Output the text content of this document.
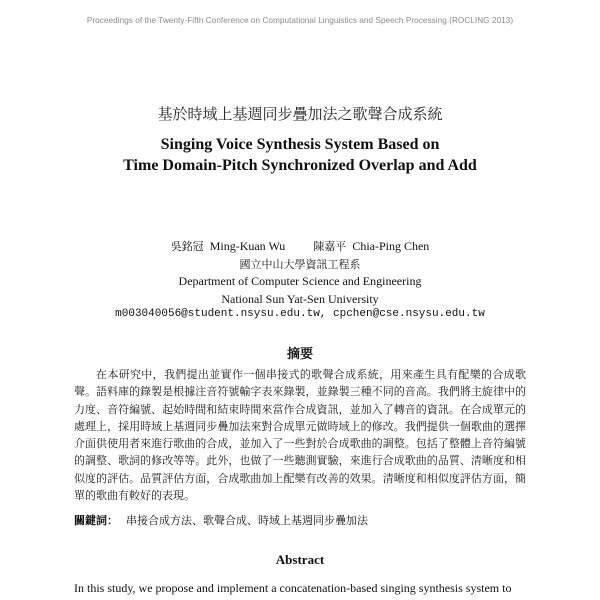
Proceedings of the Twenty-Fifth Conference on Computational Linguistics and Speech Processing (ROCLING 2013)
基於時域上基週同步疊加法之歌聲合成系統
Singing Voice Synthesis System Based on
Time Domain-Pitch Synchronized Overlap and Add
吳銘冠 Ming-Kuan Wu	陳嘉平 Chia-Ping Chen
國立中山大學資訊工程系
Department of Computer Science and Engineering
National Sun Yat-Sen University
m003040056@student.nsysu.edu.tw, cpchen@cse.nsysu.edu.tw
摘要

在本研究中，我們提出並實作一個串接式的歌聲合成系統，用來產生具有配樂的合成歌聲。語料庫的錄製是根據注音符號輸字表來錄製，並錄製三種不同的音高。我們將主旋律中的力度、音符編號、起始時間和結束時間來當作合成資訊，並加入了轉音的資訊。在合成單元的處理上，採用時域上基週同步疊加法來對合成單元做時域上的修改。我們提供一個歌曲的選擇介面供使用者來進行歌曲的合成，並加入了一些對於合成歌曲的調整。包括了整體上音符編號的調整、歌詞的修改等等。此外，也做了一些聽測實驗，來進行合成歌曲的品質、清晰度和相似度的評估。品質評估方面，合成歌曲加上配樂有改善的效果。清晰度和相似度評估方面，簡單的歌曲有較好的表現。

關鍵詞： 串接合成方法、歌聲合成、時域上基週同步疊加法
Abstract

In this study, we propose and implement a concatenation-based singing synthesis system to
